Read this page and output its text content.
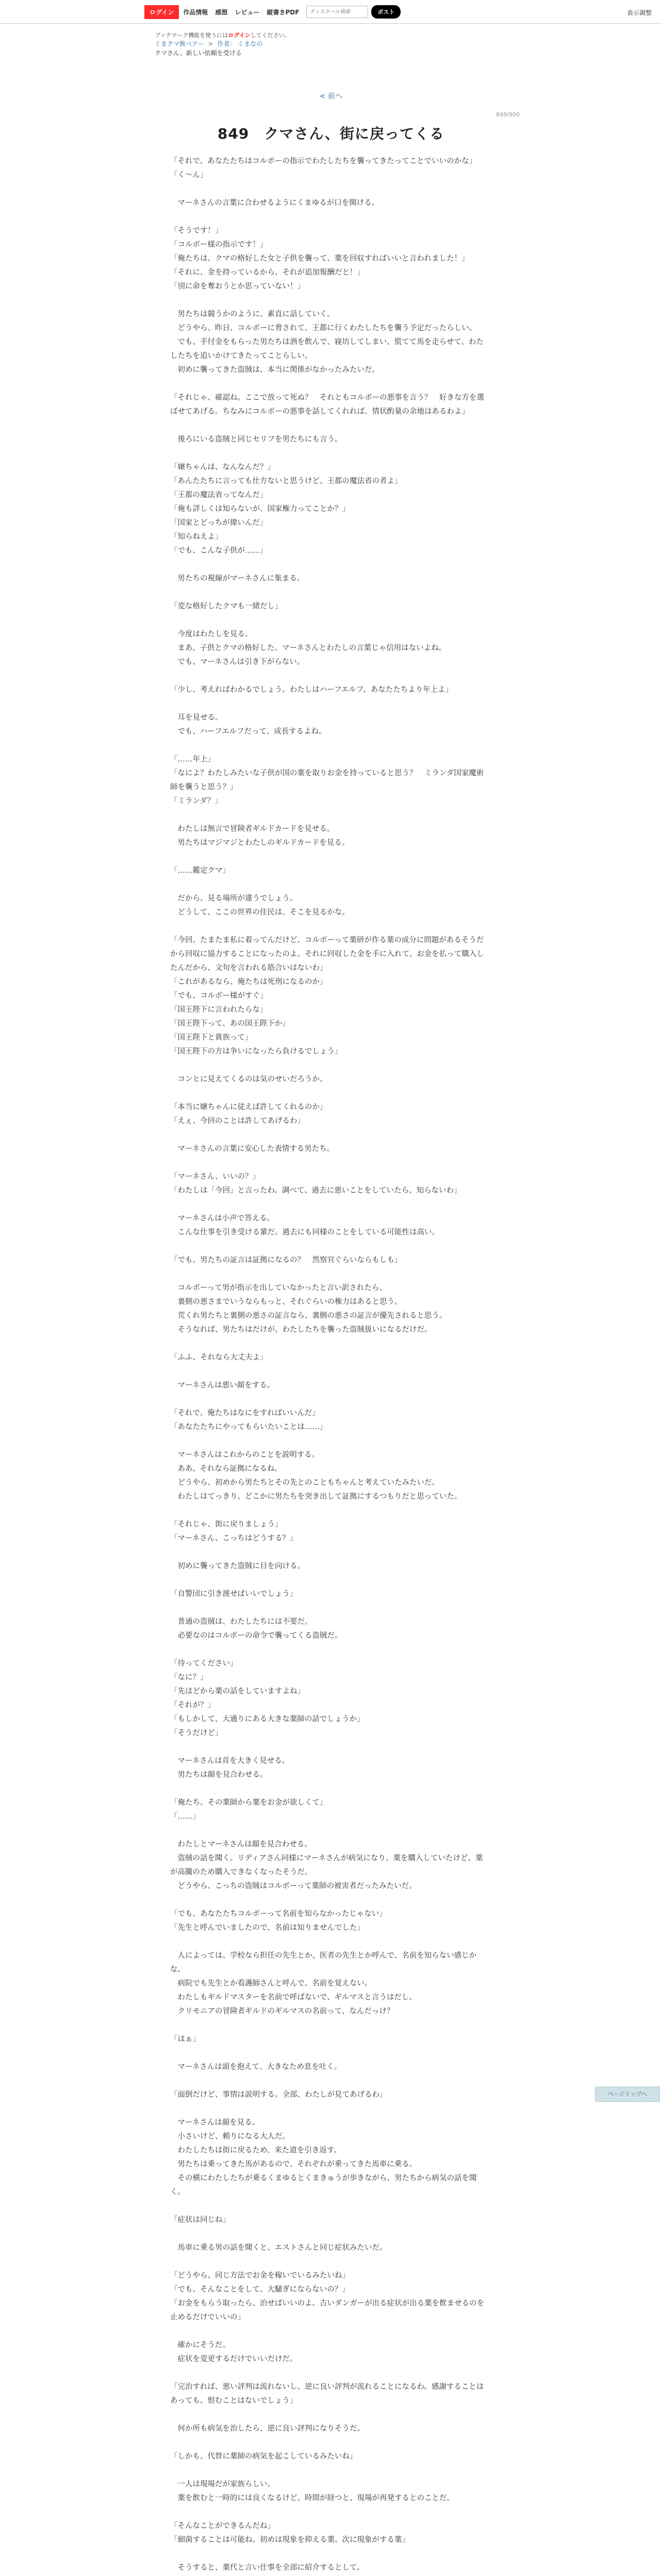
ログイン	作品情報 感想 レビュー 縦書きPDF
ディスクール検索	ポスト	表示調整
ブックマーク機能を使うにはログインしてください。
くまクマ熊ベアー > 作者： くまなの
クマさん、新しい依頼を受ける
< 前へ
849/900
849　クマさん、街に戻ってくる

「それで、あなたたちはコルボーの指示でわたしたちを襲ってきたってことでいいのかな」

「く～ん」

　マーネさんの言葉に合わせるようにくまゆるが口を開ける。

「そうです！」

「コルボー様の指示です！」

「俺たちは、クマの格好した女と子供を襲って、薬を回収すればいいと言われました！」

「それに、金を持っているから、それが追加報酬だと！」

「別に命を奪おうとか思っていない！」

　男たちは競うかのように、素直に話していく。

　どうやら、昨日、コルボーに脅されて、王都に行くわたしたちを襲う予定だったらしい。

　でも、手付金をもらった男たちは酒を飲んで、寝坊してしまい、慌てて馬を走らせて、わたしたちを追いかけてきたってことらしい。

　初めに襲ってきた盗賊は、本当に関係がなかったみたいだ。

「それじゃ、確認ね。ここで放って死ぬ？　それともコルボーの悪事を言う？　好きな方を選ばせてあげる。ちなみにコルボーの悪事を話してくれれば、情状酌量の余地はあるわよ」

　後ろにいる盗賊と同じセリフを男たちにも言う。

「嬢ちゃんは、なんなんだ？」

「あんたたちに言っても仕方ないと思うけど、王都の魔法省の者よ」

「王都の魔法省ってなんだ」

「俺も詳しくは知らないが、国家権力ってことか？」

「国家とどっちが偉いんだ」

「知らねえよ」

「でも、こんな子供が……」

　男たちの視線がマーネさんに集まる。

「変な格好したクマも一緒だし」

　今度はわたしを見る。

　まあ、子供とクマの格好した、マーネさんとわたしの言葉じゃ信用はないよね。

　でも、マーネさんは引き下がらない。

「少し、考えればわかるでしょう。わたしはハーフエルフ、あなたたちより年上よ」

　耳を見せる。

　でも、ハーフエルフだって、成長するよね。

「……年上」

「なによ？わたしみたいな子供が国の薬を取りお金を持っていると思う？　ミランダ国家魔術師を襲うと思う？」

「ミランダ？」

　わたしは無言で冒険者ギルドカードを見せる。

　男たちはマジマジとわたしのギルドカードを見る。

「……鑑定クマ」

　だから、見る場所が違うでしょう。

　どうして、ここの世界の住民は、そこを見るかな。

「今回、たまたま私に着ってんだけど、コルボーって薬研が作る薬の成分に問題があるそうだから回収に協力することになったのよ。それに回収した金を手に入れて、お金を払って購入したんだから、文句を言われる筋合いはないわ」

「これがあるなら、俺たちは死刑になるのか」

「でも、コルボー様がすぐ」

「国王陛下に言われたらな」

「国王陛下って、あの国王陛下か」

「国王陛下と貴族って」

「国王陛下の方は争いになったら負けるでしょう」

　コンヒに見えてくるのは気のせいだろうか。

「本当に嬢ちゃんに従えば許してくれるのか」

「えぇ、今回のことは許してあげるわ」

　マーネさんの言葉に安心した表情する男たち。

「マーネさん、いいの？」

「わたしは「今回」と言ったわ。調べて、過去に悪いことをしていたら、知らないわ」

　マーネさんは小声で答える。

　こんな仕事を引き受ける輩だ。過去にも同様のことをしている可能性は高い。

「でも、男たちの証言は証拠になるの？　然察官ぐらいならもしも」

　コルボーって男が指示を出していなかったと言い訳されたら、

　裏側の悪さまでいうならもっと、それぐらいの権力はあると思う。

　荒くれ男たちと裏側の悪さの証言なら、裏側の悪さの証言が優先されると思う。

　そうなれば、男たちはだけが、わたしたちを襲った盗賊扱いになるだけだ。

「ふふ、それなら大丈夫よ」

　マーネさんは悪い顔をする。

「それで、俺たちはなにをすればいいんだ」

「あなたたちにやってもらいたいことは……」

　マーネさんはこれからのことを説明する。

　ああ、それなら証拠になるね。

　どうやら、初めから男たちとその先とのこともちゃんと考えていたみたいだ。

　わたしはてっきり、どこかに男たちを突き出して証拠にするつもりだと思っていた。

「それじゃ、街に戻りましょう」

「マーネさん、こっちはどうする？」

　初めに襲ってきた盗賊に目を向ける。

「自警団に引き渡せばいいでしょう」

　普通の盗賊は、わたしたちには不要だ。

　必要なのはコルボーの命令で襲ってくる盗賊だ。

「待ってください」

「なに？」

「先ほどから薬の話をしていますよね」

「それが？」

「もしかして、大通りにある大きな薬師の話でしょうか」

「そうだけど」

　マーネさんは首を大きく見せる。

　男たちは顔を見合わせる。

「俺たち、その薬師から薬をお金が欲しくて」

「……」

　わたしとマーネさんは顔を見合わせる。

　盗賊の話を聞く。リディアさん同様にマーネさんが病気になり、薬を購入していたけど、薬が高騰のため購入できなくなったそうだ。

　どうやら、こっちの盗賊はコルボーって薬師の被害者だったみたいだ。

「でも、あなたたちコルボーって名前を知らなかったじゃない」

「先生と呼んでいましたので、名前は知りませんでした」

　人によっては、学校なら担任の先生とか、医者の先生とか呼んで、名前を知らない感じかな。

　病院でも先生とか看護師さんと呼んで、名前を覚えない。

　わたしもギルドマスターを名前で呼ばないで、ギルマスと言うはだし。

　クリモニアの冒険者ギルドのギルマスの名前って、なんだっけ？

「はぁ」

　マーネさんは頭を抱えて、大きなため息を吐く。

「面倒だけど、事情は説明する。全部、わたしが見てあげるわ」

　マーネさんは顔を見る。

　小さいけど、頼りになる大人だ。

　わたしたちは街に戻るため、来た道を引き返す。

　男たちは乗ってきた馬があるので、それぞれが乗ってきた馬車に乗る。

　その横にわたしたちが乗るくまゆるとくまきゅうが歩きながら、男たちから病気の話を聞く。

「症状は同じね」

　馬車に乗る男の話を聞くと、エストさんと同じ症状みたいだ。

「どうやら、同じ方法でお金を稼いでいるみたいね」

「でも、そんなことをして、大騒ぎにならないの？」

「お金をもらう取ったら、治せばいいのよ。古いダンガーが出る症状が出る薬を飲ませるのを止めるだけでいいの」

　確かにそうだ。

　症状を変更するだけでいいだけだ。

「完治すれば、悪い評判は流れないし、逆に良い評判が流れることになるわ。感謝することはあっても、恨むことはないでしょう」

　何か所も病気を治したら、逆に良い評判になりそうだ。

「しかも、代替に薬師の病気を起こしているみたいね」

　一人は現場だが家族らしい。

　薬を飲むと一時的には良くなるけど、時間が経つと、現場が再発するとのことだ。

「そんなことができるんだね」

「細菌することは可能ね。初めは現象を抑える薬、次に現象がする薬」

　そうすると、薬代と言い仕事を全部に紹介するとして。

ページトップへ
